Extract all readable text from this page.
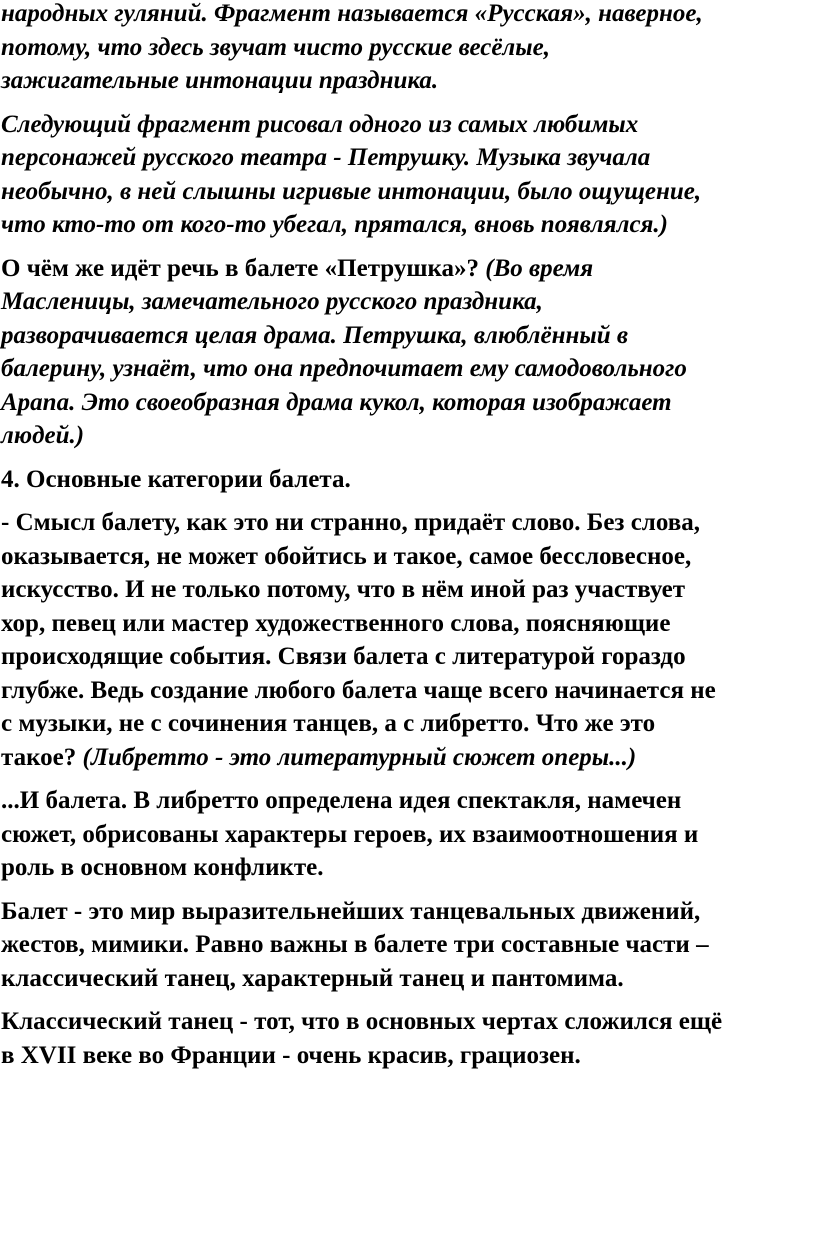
народных гуляний. Фрагмент называется «Русская», наверное,
потому, что здесь звучат чисто русские весёлые,
зажигательные интонации праздника.
Следующий фрагмент рисовал одного из самых любимых
персонажей русского театра - Петрушку. Музыка звучала
необычно, в ней слышны игривые интонации, было ощущение,
что кто-то от кого-то убегал, прятался, вновь появлялся.)
О чём же идёт речь в балете «Петрушка»? (Во время
Масленицы, замечательного русского праздника,
разворачивается целая драма. Петрушка, влюблённый в
балерину, узнаёт, что она предпочитает ему самодовольного
Арапа. Это своеобразная драма кукол, которая изображает
людей.)
4. Основные категории балета.
- Смысл балету, как это ни странно, придаёт слово. Без слова,
оказывается, не может обойтись и такое, самое бессловесное,
искусство. И не только потому, что в нём иной раз участвует
хор, певец или мастер художественного слова, поясняющие
происходящие события. Связи балета с литературой гораздо
глубже. Ведь создание любого балета чаще всего начинается не
с музыки, не с сочинения танцев, а с либретто. Что же это
такое? (Либретто - это литературный сюжет оперы...)
...И балета. В либретто определена идея спектакля, намечен
сюжет, обрисованы характеры героев, их взаимоотношения и
роль в основном конфликте.
Балет - это мир выразительнейших танцевальных движений,
жестов, мимики. Равно важны в балете три составные части –
классический танец, характерный танец и пантомима.
Классический танец - тот, что в основных чертах сложился ещё
в XVII веке во Франции - очень красив, грациозен.
